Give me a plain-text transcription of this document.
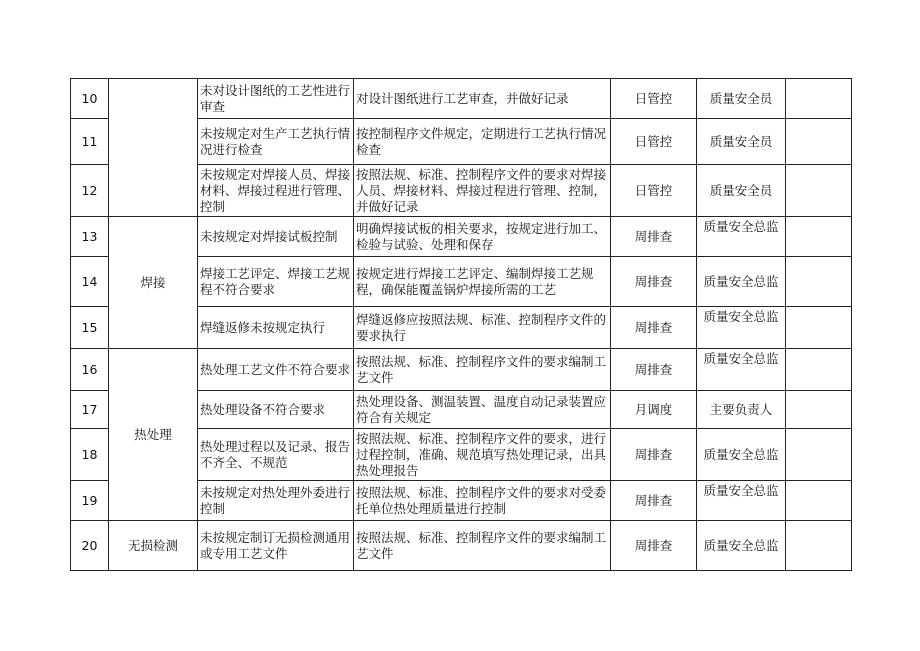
10		未对设计图纸的工艺性进行审查	对设计图纸进行工艺审查，并做好记录	日管控	质量安全员	
11		未按规定对生产工艺执行情况进行检查	按控制程序文件规定，定期进行工艺执行情况检查	日管控	质量安全员	
12		未按规定对焊接人员、焊接材料、焊接过程进行管理、控制	按照法规、标准、控制程序文件的要求对焊接人员、焊接材料、焊接过程进行管理、控制，并做好记录	日管控	质量安全员	
13	焊接	未按规定对焊接试板控制	明确焊接试板的相关要求，按规定进行加工、检验与试验、处理和保存	周排查	质量安全总监	
14		焊接工艺评定、焊接工艺规程不符合要求	按规定进行焊接工艺评定、编制焊接工艺规程，确保能覆盖锅炉焊接所需的工艺	周排查	质量安全总监	
15		焊缝返修未按规定执行	焊缝返修应按照法规、标准、控制程序文件的要求执行	周排查	质量安全总监	
16	热处理	热处理工艺文件不符合要求	按照法规、标准、控制程序文件的要求编制工艺文件	周排查	质量安全总监	
17		热处理设备不符合要求	热处理设备、测温装置、温度自动记录装置应符合有关规定	月调度	主要负责人	
18		热处理过程以及记录、报告不齐全、不规范	按照法规、标准、控制程序文件的要求，进行过程控制，准确、规范填写热处理记录，出具热处理报告	周排查	质量安全总监	
19		未按规定对热处理外委进行控制	按照法规、标准、控制程序文件的要求对受委托单位热处理质量进行控制	周排查	质量安全总监	
20	无损检测	未按规定制订无损检测通用或专用工艺文件	按照法规、标准、控制程序文件的要求编制工艺文件	周排查	质量安全总监	
